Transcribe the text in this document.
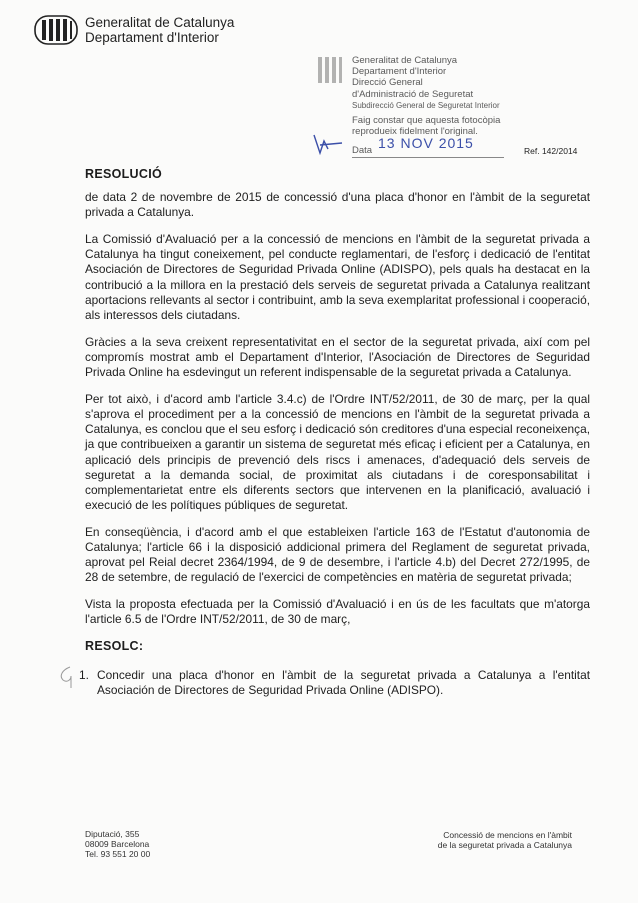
Generalitat de Catalunya
Departament d'Interior
Generalitat de Catalunya
Departament d'Interior
Direcció General
d'Administració de Seguretat
Subdirecció General de Seguretat Interior
Faig constar que aquesta fotocòpia
reprodueix fidelment l'original.
Data 13 NOV 2015	Ref. 142/2014
RESOLUCIÓ

de data 2 de novembre de 2015 de concessió d'una placa d'honor en l'àmbit de la seguretat privada a Catalunya.

La Comissió d'Avaluació per a la concessió de mencions en l'àmbit de la seguretat privada a Catalunya ha tingut coneixement, pel conducte reglamentari, de l'esforç i dedicació de l'entitat Asociación de Directores de Seguridad Privada Online (ADISPO), pels quals ha destacat en la contribució a la millora en la prestació dels serveis de seguretat privada a Catalunya realitzant aportacions rellevants al sector i contribuint, amb la seva exemplaritat professional i cooperació, als interessos dels ciutadans.

Gràcies a la seva creixent representativitat en el sector de la seguretat privada, així com pel compromís mostrat amb el Departament d'Interior, l'Asociación de Directores de Seguridad Privada Online ha esdevingut un referent indispensable de la seguretat privada a Catalunya.

Per tot això, i d'acord amb l'article 3.4.c) de l'Ordre INT/52/2011, de 30 de març, per la qual s'aprova el procediment per a la concessió de mencions en l'àmbit de la seguretat privada a Catalunya, es conclou que el seu esforç i dedicació són creditores d'una especial reconeixença, ja que contribueixen a garantir un sistema de seguretat més eficaç i eficient per a Catalunya, en aplicació dels principis de prevenció dels riscs i amenaces, d'adequació dels serveis de seguretat a la demanda social, de proximitat als ciutadans i de coresponsabilitat i complementarietat entre els diferents sectors que intervenen en la planificació, avaluació i execució de les polítiques públiques de seguretat.

En conseqüència, i d'acord amb el que estableixen l'article 163 de l'Estatut d'autonomia de Catalunya; l'article 66 i la disposició addicional primera del Reglament de seguretat privada, aprovat pel Reial decret 2364/1994, de 9 de desembre, i l'article 4.b) del Decret 272/1995, de 28 de setembre, de regulació de l'exercici de competències en matèria de seguretat privada;

Vista la proposta efectuada per la Comissió d'Avaluació i en ús de les facultats que m'atorga l'article 6.5 de l'Ordre INT/52/2011, de 30 de març,

RESOLC:

1. Concedir una placa d'honor en l'àmbit de la seguretat privada a Catalunya a l'entitat Asociación de Directores de Seguridad Privada Online (ADISPO).
Diputació, 355
08009 Barcelona
Tel. 93 551 20 00
Concessió de mencions en l'àmbit
de la seguretat privada a Catalunya
